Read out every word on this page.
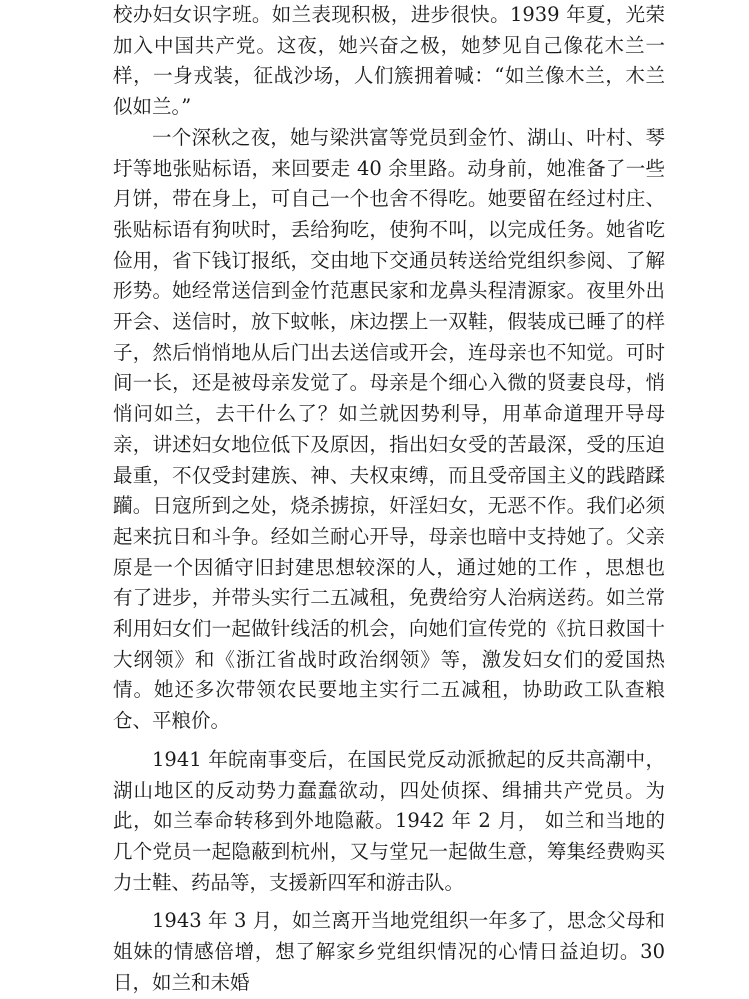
校办妇女识字班。如兰表现积极，进步很快。1939 年夏，光荣加入中国共产党。这夜，她兴奋之极，她梦见自己像花木兰一样，一身戎装，征战沙场，人们簇拥着喊：“如兰像木兰，木兰似如兰。”

一个深秋之夜，她与梁洪富等党员到金竹、湖山、叶村、琴圩等地张贴标语，来回要走 40 余里路。动身前，她准备了一些月饼，带在身上，可自己一个也舍不得吃。她要留在经过村庄、张贴标语有狗吠时，丢给狗吃，使狗不叫，以完成任务。她省吃俭用，省下钱订报纸，交由地下交通员转送给党组织参阅、了解形势。她经常送信到金竹范惠民家和龙鼻头程清源家。夜里外出开会、送信时，放下蚊帐，床边摆上一双鞋，假装成已睡了的样子，然后悄悄地从后门出去送信或开会，连母亲也不知觉。可时间一长，还是被母亲发觉了。母亲是个细心入微的贤妻良母，悄悄问如兰，去干什么了？如兰就因势利导，用革命道理开导母亲，讲述妇女地位低下及原因，指出妇女受的苦最深，受的压迫最重，不仅受封建族、神、夫权束缚，而且受帝国主义的践踏蹂躏。日寇所到之处，烧杀掳掠，奸淫妇女，无恶不作。我们必须起来抗日和斗争。经如兰耐心开导，母亲也暗中支持她了。父亲原是一个因循守旧封建思想较深的人，通过她的工作 ，思想也有了进步，并带头实行二五减租，免费给穷人治病送药。如兰常利用妇女们一起做针线活的机会，向她们宣传党的《抗日救国十大纲领》和《浙江省战时政治纲领》等，激发妇女们的爱国热情。她还多次带领农民要地主实行二五减租，协助政工队查粮仓、平粮价。

1941 年皖南事变后，在国民党反动派掀起的反共高潮中，湖山地区的反动势力蠢蠢欲动，四处侦探、缉捕共产党员。为此，如兰奉命转移到外地隐蔽。1942 年 2 月， 如兰和当地的几个党员一起隐蔽到杭州，又与堂兄一起做生意，筹集经费购买力士鞋、药品等，支援新四军和游击队。

1943 年 3 月，如兰离开当地党组织一年多了，思念父母和姐妹的情感倍增，想了解家乡党组织情况的心情日益迫切。30 日，如兰和未婚
